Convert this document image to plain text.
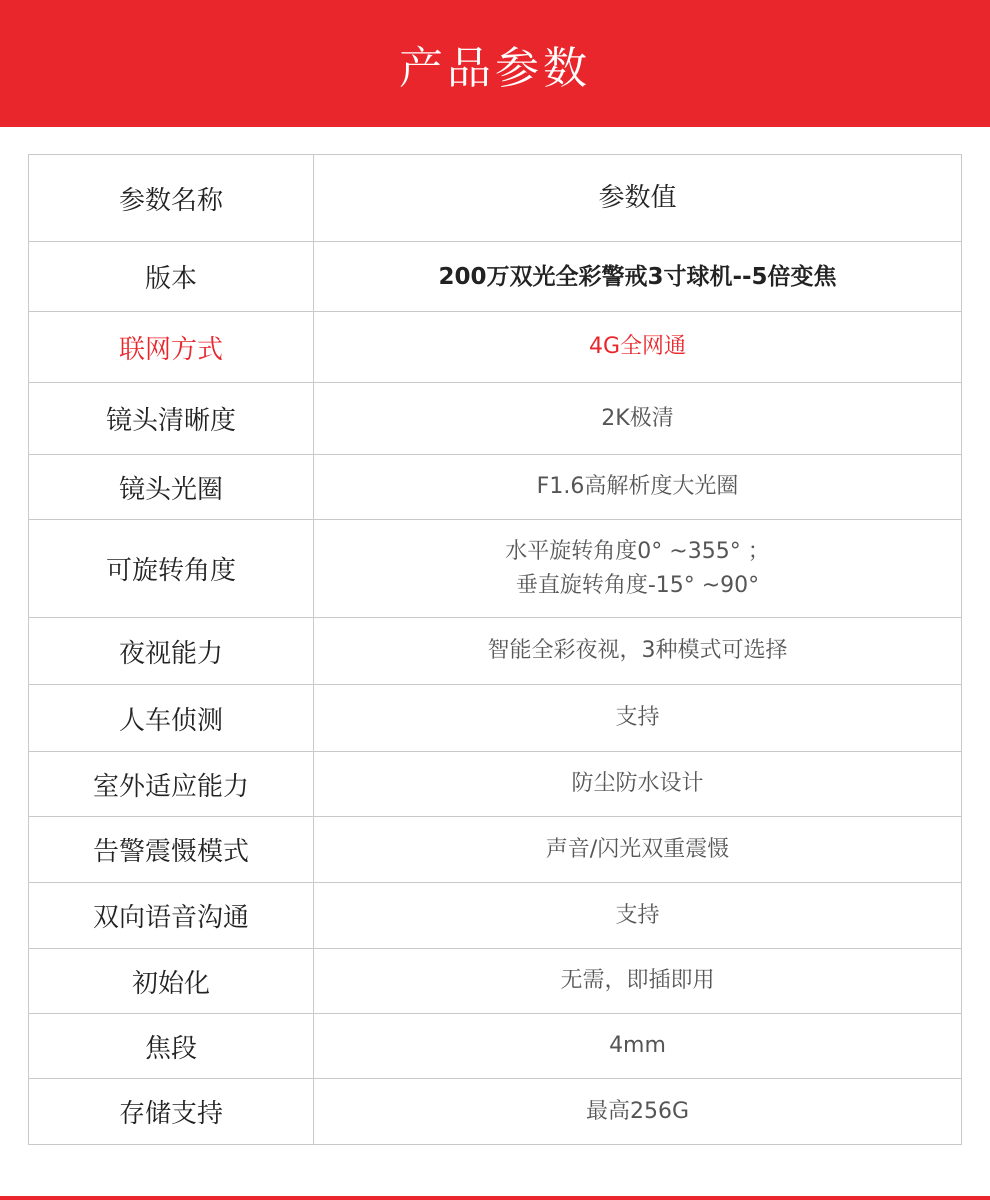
产品参数
参数名称	参数值
版本	200万双光全彩警戒3寸球机--5倍变焦

联网方式	4G全网通

镜头清晰度	2K极清

镜头光圈	F1.6高解析度大光圈

可旋转角度	水平旋转角度0° ~355° ；
垂直旋转角度-15° ~90°

夜视能力	智能全彩夜视，3种模式可选择

人车侦测	支持

室外适应能力	防尘防水设计

告警震慑模式	声音/闪光双重震慑

双向语音沟通	支持

初始化	无需，即插即用

焦段	4mm

存储支持	最高256G
